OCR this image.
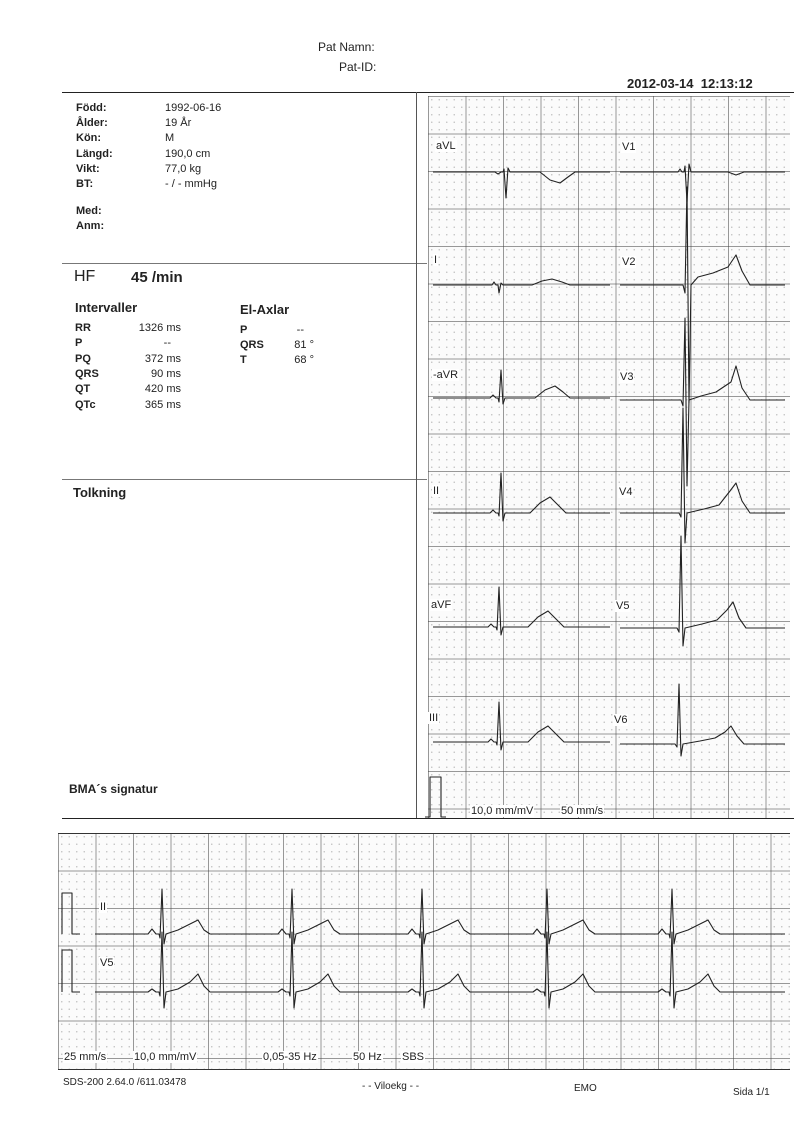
Pat Namn:
Pat-ID:
2012-03-14 12:13:12
Född:	1992-06-16
Ålder:	19 År
Kön:	M
Längd:	190,0 cm
Vikt:	77,0 kg
BT:	- / - mmHg
Med:
Anm:
HF 45 /min
Intervaller
RR	1326 ms
P	--
PQ	372 ms
QRS	90 ms
QT	420 ms
QTc	365 ms
El-Axlar
P	--
QRS	81 °
T	68 °
Tolkning
BMA´s signatur
aVL
I
-aVR
II
aVF
III
V1
V2
V3
V4
V5
V6
10,0 mm/mV	50 mm/s
II
V5
25 mm/s	10,0 mm/mV	0,05-35 Hz	50 Hz SBS
SDS-200 2.64.0 /611.03478	- - Viloekg - -	EMO	Sida 1/1
